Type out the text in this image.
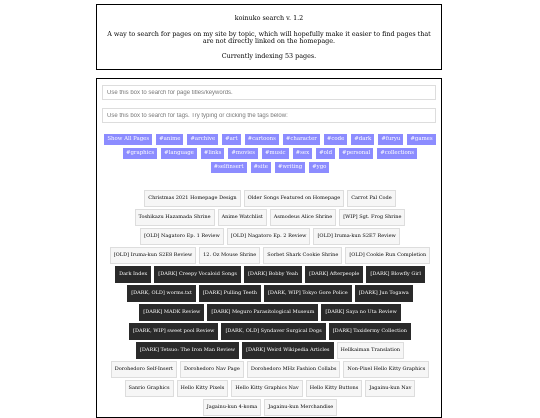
koinuko search v. 1.2
A way to search for pages on my site by topic, which will hopefully make it easier to find pages that are not directly linked on the homepage.
Currently indexing 53 pages.
Use this box to search for page titles/keywords.
Use this box to search for tags. Try typing or clicking the tags below:
Show All Pages #anime #archive #art #cartoons #character #code #dark #furyu #games#graphics #language #links #movies #music #sex #old #personal #collections#selfinsert #site #writing #ygo
Christmas 2021 Homepage Design Older Songs Featured on Homepage Carrot Pal CodeToshikazu Hazamada Shrine Anime Watchlist Asmodeus Alice Shrine [WIP] Sgt. Frog Shrine[OLD] Nagatoro Ep. 1 Review [OLD] Nagatoro Ep. 2 Review [OLD] Iruma-kun S2E7 Review[OLD] Iruma-kun S2E8 Review 12. Oz Mouse Shrine Sorbet Shark Cookie Shrine [OLD] Cookie Run CompletionDark Index [DARK] Creepy Vocaloid Songs [DARK] Bobby Yeah [DARK] Afterpeople [DARK] Blowfly Girl[DARK, OLD] worms.txt [DARK] Pulling Teeth [DARK, WIP] Tokyo Gore Police [DARK] Jun Togawa[DARK] MADK Review [DARK] Meguro Parasitological Museum [DARK] Saya no Uta Review[DARK, WIP] sweet pool Review [DARK, OLD] Syndaver Surgical Dogs [DARK] Taxidermy Collection[DARK] Tetsuo: The Iron Man Review [DARK] Weird Wikipedia Articles Hellkaiman TranslationDorohedoro Self-Insert Dorohedoro Nav Page Dorohedoro MHz Fashion Collabs Non-Pixel Hello Kitty GraphicsSanrio Graphics Hello Kitty Pixels Hello Kitty Graphics Nav Hello Kitty Buttons Jagainu-kun NavJagainu-kun 4-koma Jagainu-kun Merchandise
